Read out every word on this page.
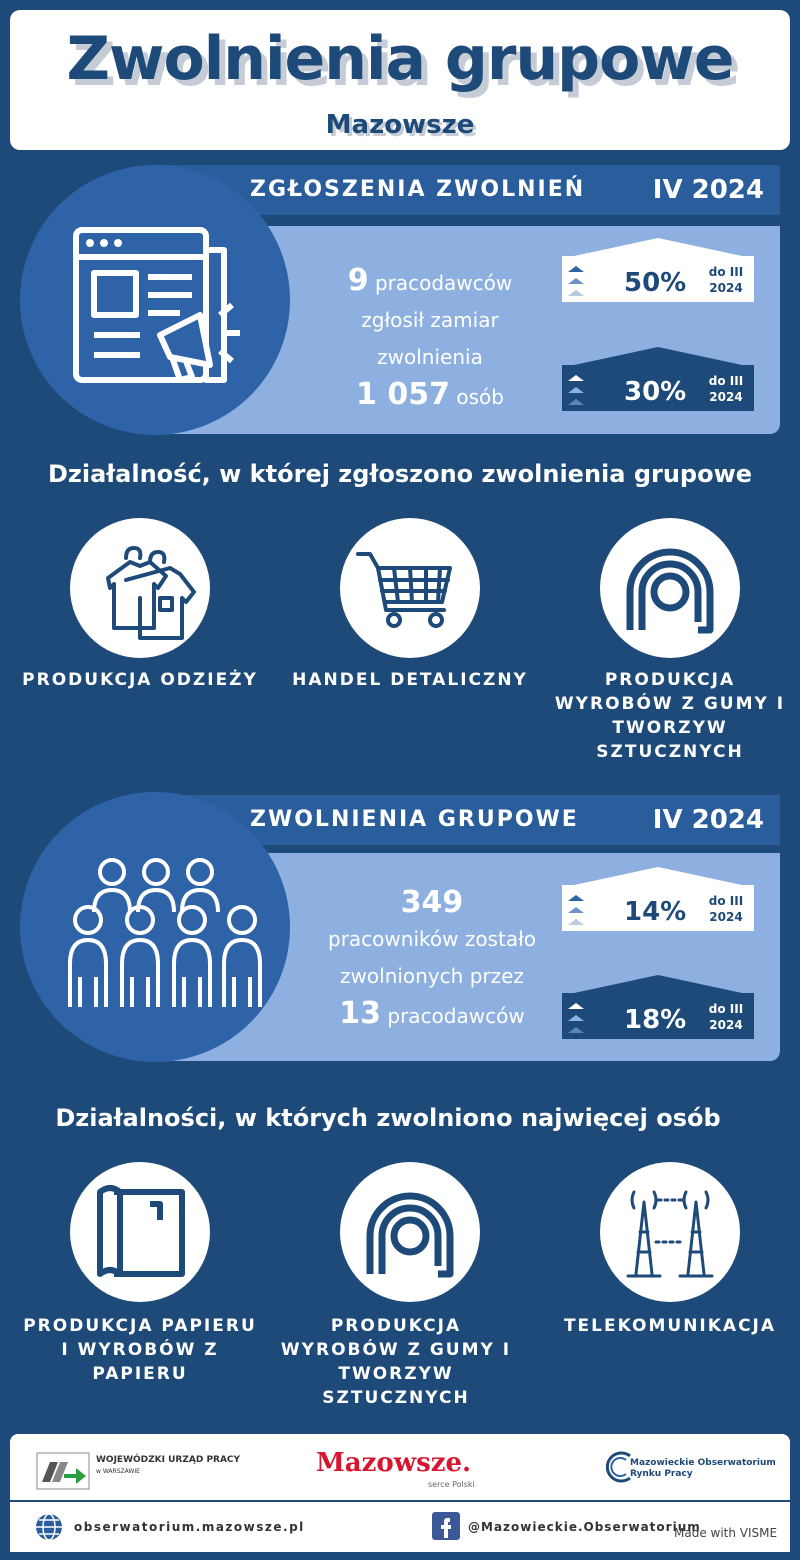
Zwolnienia grupowe
Mazowsze
ZGŁOSZENIA ZWOLNIEŃ	IV 2024
9 pracodawców
zgłosił zamiar
zwolnienia
1 057 osób
50% do III
2024
30% do III
2024
Działalność, w której zgłoszono zwolnienia grupowe
PRODUKCJA ODZIEŻY HANDEL DETALICZNY	PRODUKCJA WYROBÓW Z GUMY I TWORZYW SZTUCZNYCH
ZWOLNIENIA GRUPOWE	IV 2024
349
pracowników zostało
zwolnionych przez
13 pracodawców
14% do III
2024
18% do III
2024
Działalności, w których zwolniono najwięcej osób
PRODUKCJA PAPIERU I WYROBÓW Z PAPIERU
PRODUKCJA WYROBÓW Z GUMY I TWORZYW SZTUCZNYCH
TELEKOMUNIKACJA
WOJEWÓDZKI URZĄD PRACY
w WARSZAWIE	Mazowsze.
serce Polski
Mazowieckie Obserwatorium
Rynku Pracy
obserwatorium.mazowsze.pl	@Mazowieckie.Obserwatorium
Made with VISME
